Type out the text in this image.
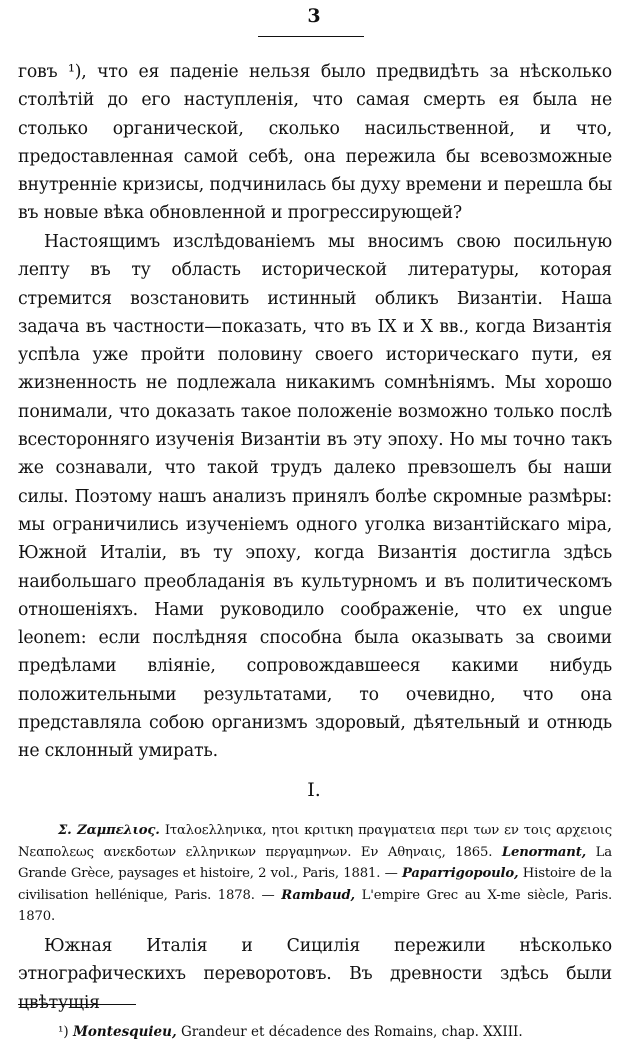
3

говъ ¹), что ея паденіе нельзя было предвидѣть за нѣсколько столѣтій до его наступленія, что самая смерть ея была не столько органической, сколько насильственной, и что, предоставленная самой себѣ, она пережила бы всевозможные внутренніе кризисы, подчинилась бы духу времени и перешла бы въ новые вѣка обновленной и прогрессирующей?

Настоящимъ изслѣдованіемъ мы вносимъ свою посильную лепту въ ту область исторической литературы, которая стремится возстановить истинный обликъ Византіи. Наша задача въ частности—показать, что въ IX и X вв., когда Византія успѣла уже пройти половину своего историческаго пути, ея жизненность не подлежала никакимъ сомнѣніямъ. Мы хорошо понимали, что доказать такое положеніе возможно только послѣ всесторонняго изученія Византіи въ эту эпоху. Но мы точно такъ же сознавали, что такой трудъ далеко превзошелъ бы наши силы. Поэтому нашъ анализъ принялъ болѣе скромные размѣры: мы ограничились изученіемъ одного уголка византійскаго міра, Южной Италіи, въ ту эпоху, когда Византія достигла здѣсь наибольшаго преобладанія въ культурномъ и въ политическомъ отношеніяхъ. Нами руководило соображеніе, что ex ungue leonem: если послѣдняя способна была оказывать за своими предѣлами вліяніе, сопровождавшееся какими нибудь положительными результатами, то очевидно, что она представляла собою организмъ здоровый, дѣятельный и отнюдь не склонный умирать.

I.
Σ. Ζαμπελιος. Ιταλοελληνικα, ητοι κριτικη πραγματεια περι των εν τοις αρχειοις Νεαπολεως ανεκδοτων ελληνικων περγαμηνων. Εν Αθηναις, 1865. Lenormant, La Grande Grèce, paysages et histoire, 2 vol., Paris, 1881. — Paparrigopoulo, Histoire de la civilisation hellénique, Paris. 1878. — Rambaud, L'empire Grec au X-me siècle, Paris. 1870.

Южная Италія и Сицилія пережили нѣсколько этнографическихъ переворотовъ. Въ древности здѣсь были цвѣтущія

¹) Montesquieu, Grandeur et décadence des Romains, chap. XXIII.
